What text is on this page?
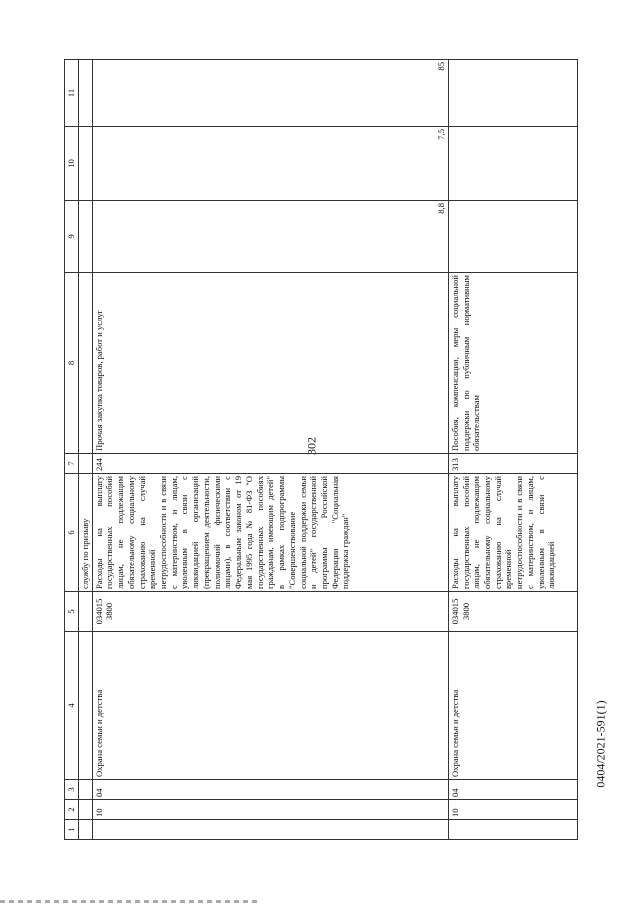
302
1	2	3	4	5	6	7	8	9	10	11
					службу по призыву					
	10	04	Охрана семьи и детства	034015 3800	Расходы на выплату государственных пособий лицам, не подлежащим обязательному социальному страхованию на случай временной нетрудоспособности и в связи с материнством, и лицам, уволенным в связи с ликвидацией организаций (прекращением деятельности, полномочий физическими лицами), в соответствии с Федеральным законом от 19 мая 1995 года № 81-ФЗ "О государственных пособиях гражданам, имеющим детей" в рамках подпрограммы "Совершенствование социальной поддержки семьи и детей" государственной программы Российской Федерации "Социальная поддержка граждан"	244	Прочая закупка товаров, работ и услуг	8,8	7,5	85
	10	04	Охрана семьи и детства	034015 3800	Расходы на выплату государственных пособий лицам, не подлежащим обязательному социальному страхованию на случай временной нетрудоспособности и в связи с материнством, и лицам, уволенным в связи с ликвидацией	313	Пособия, компенсации, меры социальной поддержки по публичным нормативным обязательствам			
0404/2021-591(1)
